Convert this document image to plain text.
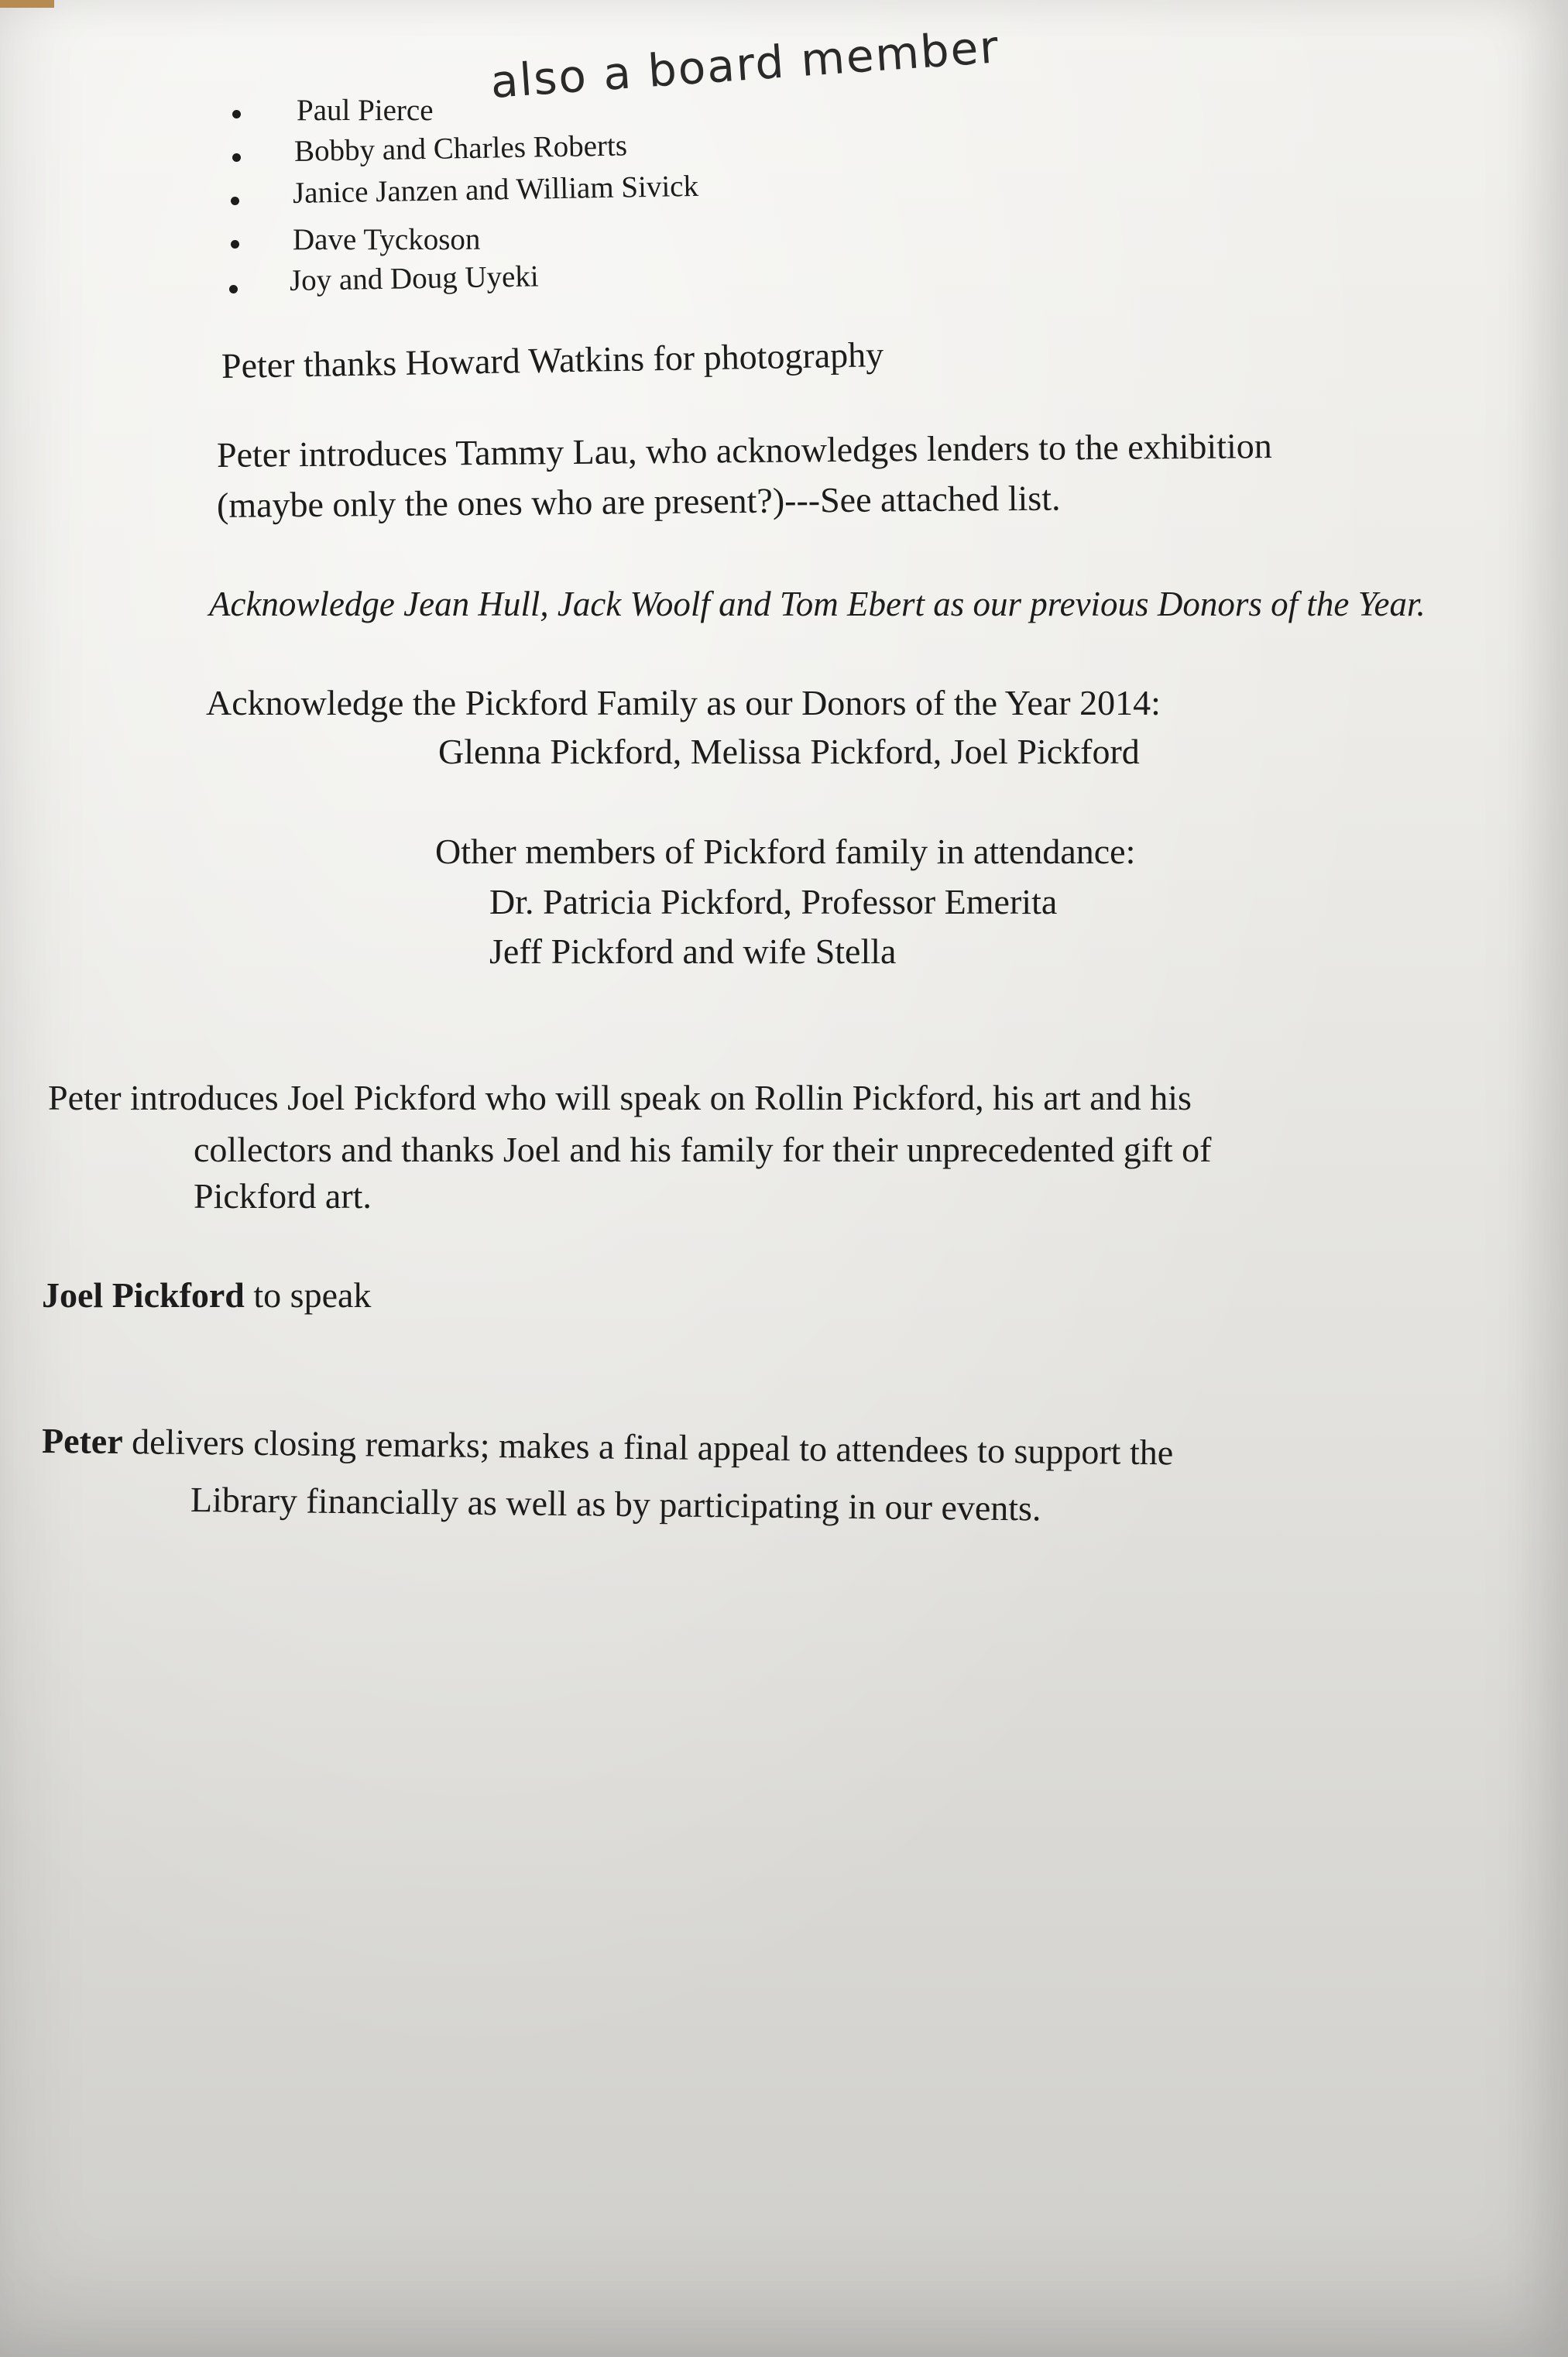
Paul Pierce
Bobby and Charles Roberts
Janice Janzen and William Sivick
Dave Tyckoson
Joy and Doug Uyeki
also a board member
Peter thanks Howard Watkins for photography
Peter introduces Tammy Lau, who acknowledges lenders to the exhibition
(maybe only the ones who are present?)---See attached list.
Acknowledge Jean Hull, Jack Woolf and Tom Ebert as our previous Donors of the Year.
Acknowledge the Pickford Family as our Donors of the Year 2014:
Glenna Pickford, Melissa Pickford, Joel Pickford
Other members of Pickford family in attendance:
Dr. Patricia Pickford, Professor Emerita
Jeff Pickford and wife Stella
Peter introduces Joel Pickford who will speak on Rollin Pickford, his art and his
collectors and thanks Joel and his family for their unprecedented gift of
Pickford art.
Joel Pickford to speak
Peter delivers closing remarks; makes a final appeal to attendees to support the
Library financially as well as by participating in our events.
